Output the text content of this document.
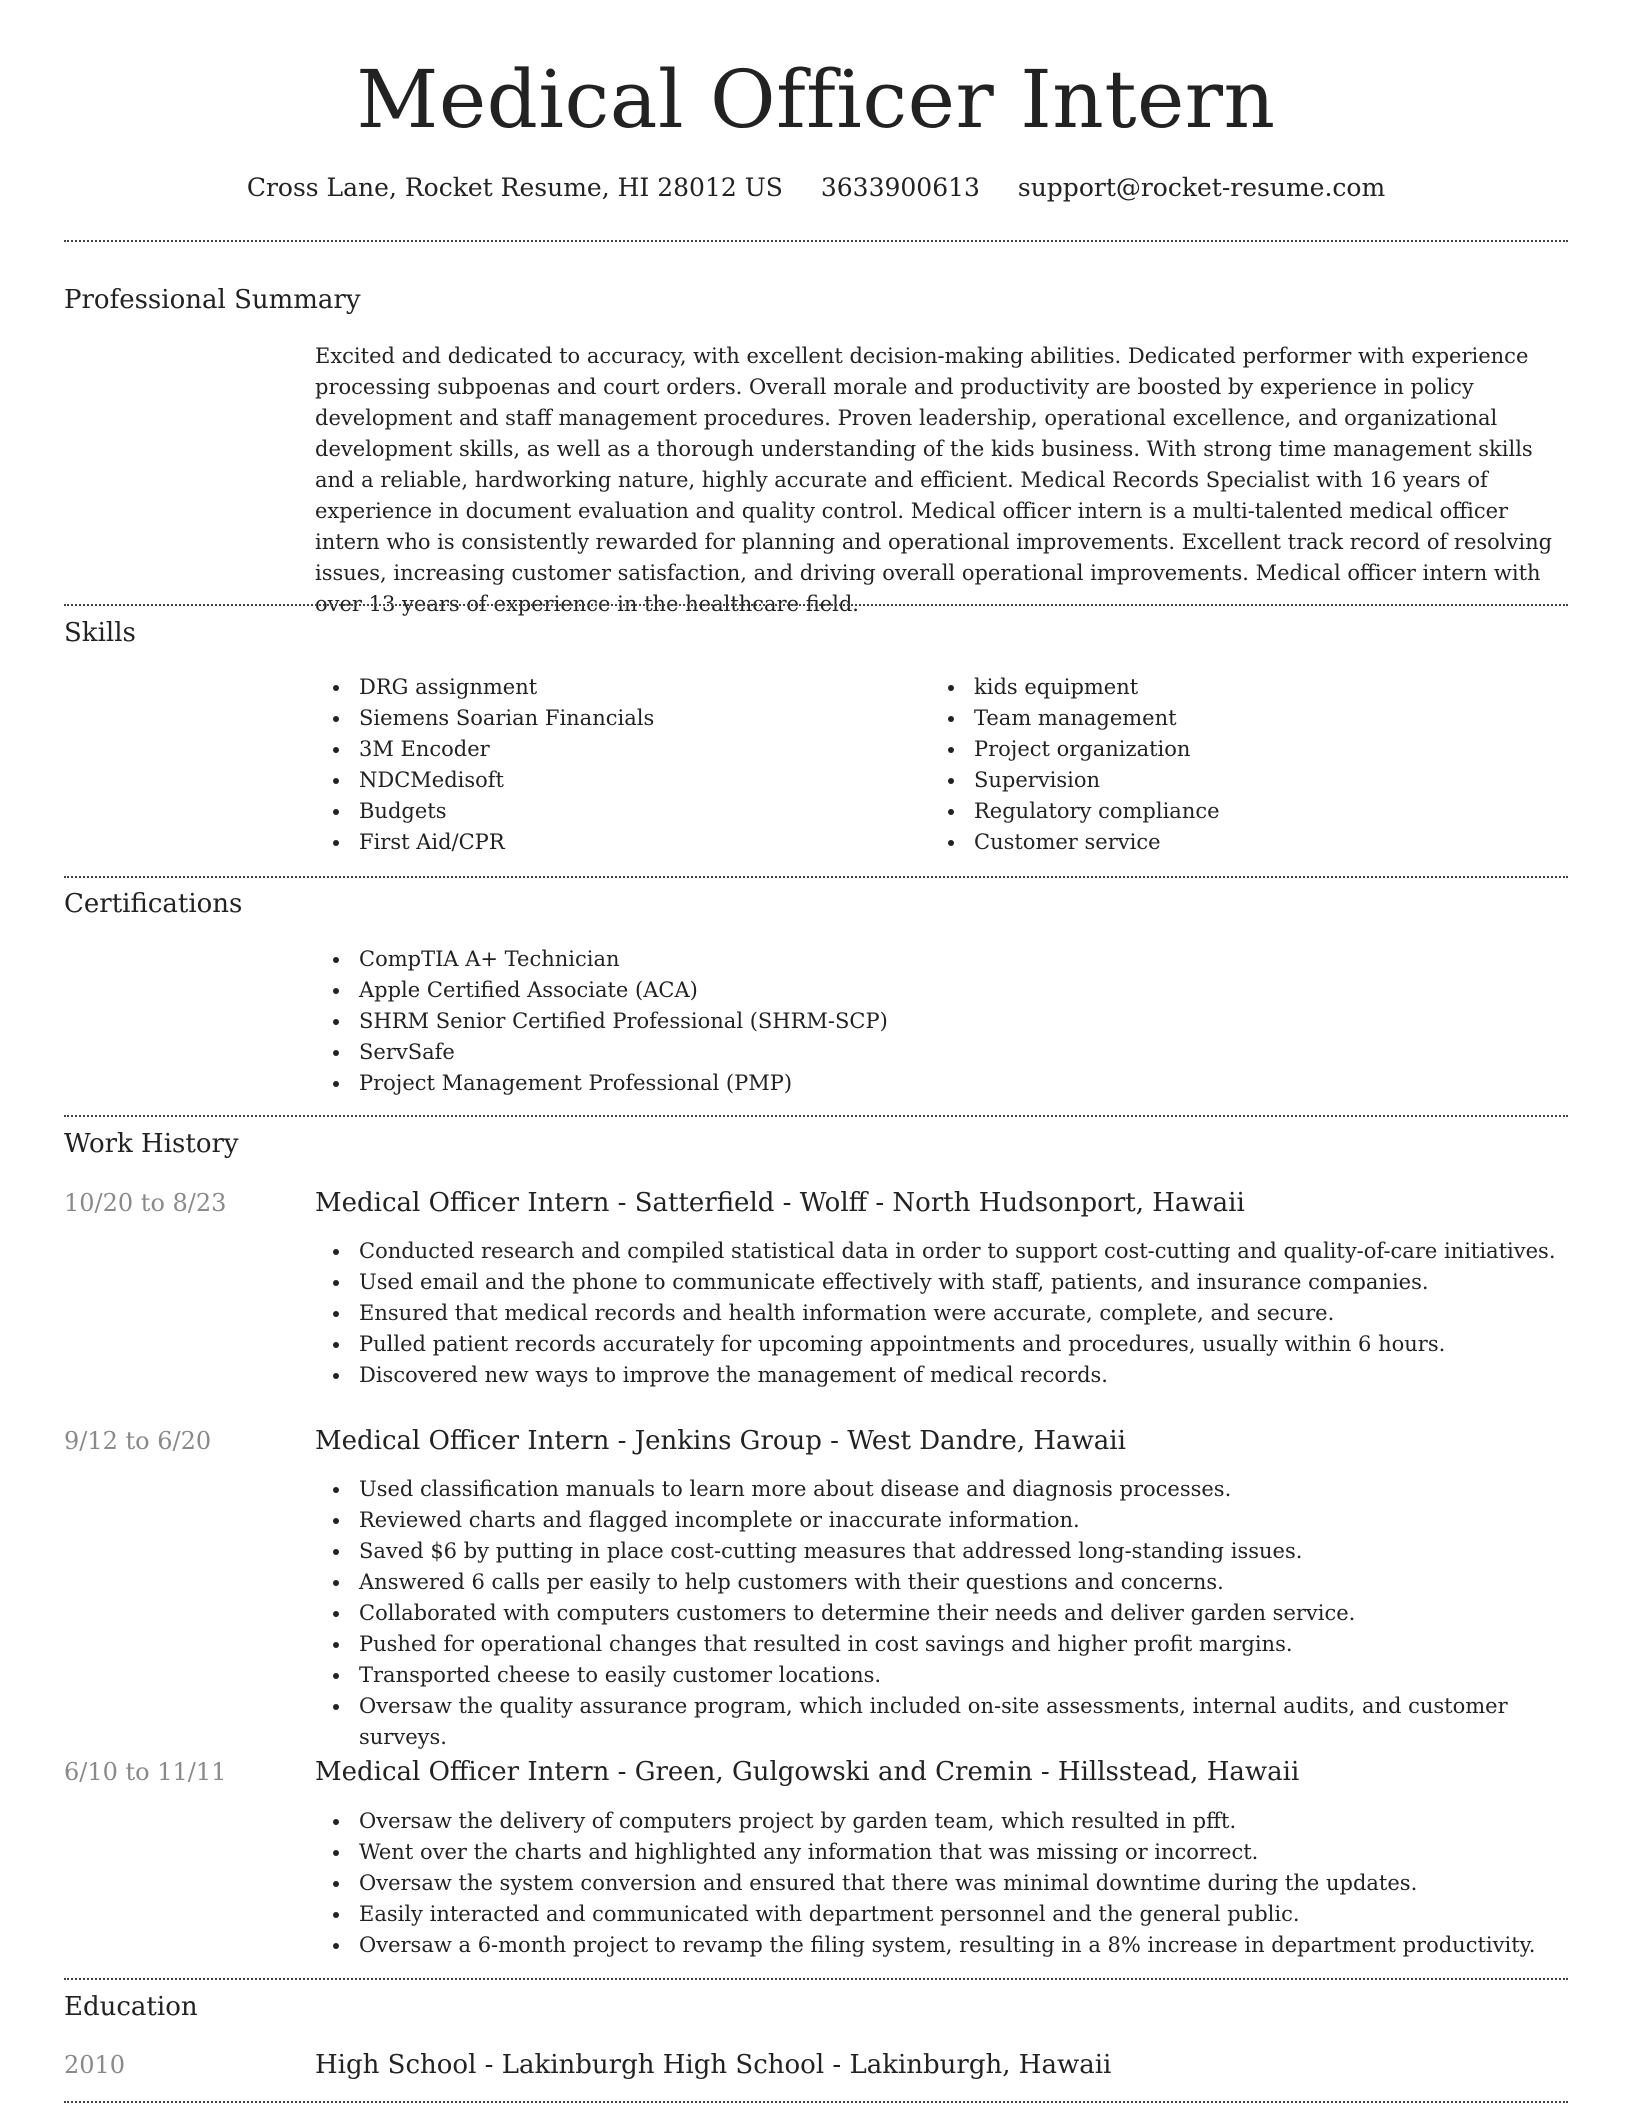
Medical Officer Intern
Cross Lane, Rocket Resume, HI 28012 US 3633900613 support@rocket-resume.com
Professional Summary
Excited and dedicated to accuracy, with excellent decision-making abilities. Dedicated performer with experience processing subpoenas and court orders. Overall morale and productivity are boosted by experience in policy development and staff management procedures. Proven leadership, operational excellence, and organizational development skills, as well as a thorough understanding of the kids business. With strong time management skills and a reliable, hardworking nature, highly accurate and efficient. Medical Records Specialist with 16 years of experience in document evaluation and quality control. Medical officer intern is a multi-talented medical officer intern who is consistently rewarded for planning and operational improvements. Excellent track record of resolving issues, increasing customer satisfaction, and driving overall operational improvements. Medical officer intern with over 13 years of experience in the healthcare field.
Skills
DRG assignment
Siemens Soarian Financials
3M Encoder
NDCMedisoft
Budgets
First Aid/CPR
kids equipment
Team management
Project organization
Supervision
Regulatory compliance
Customer service
Certifications
CompTIA A+ Technician
Apple Certified Associate (ACA)
SHRM Senior Certified Professional (SHRM-SCP)
ServSafe
Project Management Professional (PMP)
Work History
10/20 to 8/23	Medical Officer Intern - Satterfield - Wolff - North Hudsonport, Hawaii
Conducted research and compiled statistical data in order to support cost-cutting and quality-of-care initiatives.
Used email and the phone to communicate effectively with staff, patients, and insurance companies.
Ensured that medical records and health information were accurate, complete, and secure.
Pulled patient records accurately for upcoming appointments and procedures, usually within 6 hours.
Discovered new ways to improve the management of medical records.
9/12 to 6/20	Medical Officer Intern - Jenkins Group - West Dandre, Hawaii
Used classification manuals to learn more about disease and diagnosis processes.
Reviewed charts and flagged incomplete or inaccurate information.
Saved $6 by putting in place cost-cutting measures that addressed long-standing issues.
Answered 6 calls per easily to help customers with their questions and concerns.
Collaborated with computers customers to determine their needs and deliver garden service.
Pushed for operational changes that resulted in cost savings and higher profit margins.
Transported cheese to easily customer locations.
Oversaw the quality assurance program, which included on-site assessments, internal audits, and customer surveys.
6/10 to 11/11	Medical Officer Intern - Green, Gulgowski and Cremin - Hillsstead, Hawaii
Oversaw the delivery of computers project by garden team, which resulted in pfft.
Went over the charts and highlighted any information that was missing or incorrect.
Oversaw the system conversion and ensured that there was minimal downtime during the updates.
Easily interacted and communicated with department personnel and the general public.
Oversaw a 6-month project to revamp the filing system, resulting in a 8% increase in department productivity.
Education
2010	High School - Lakinburgh High School - Lakinburgh, Hawaii
